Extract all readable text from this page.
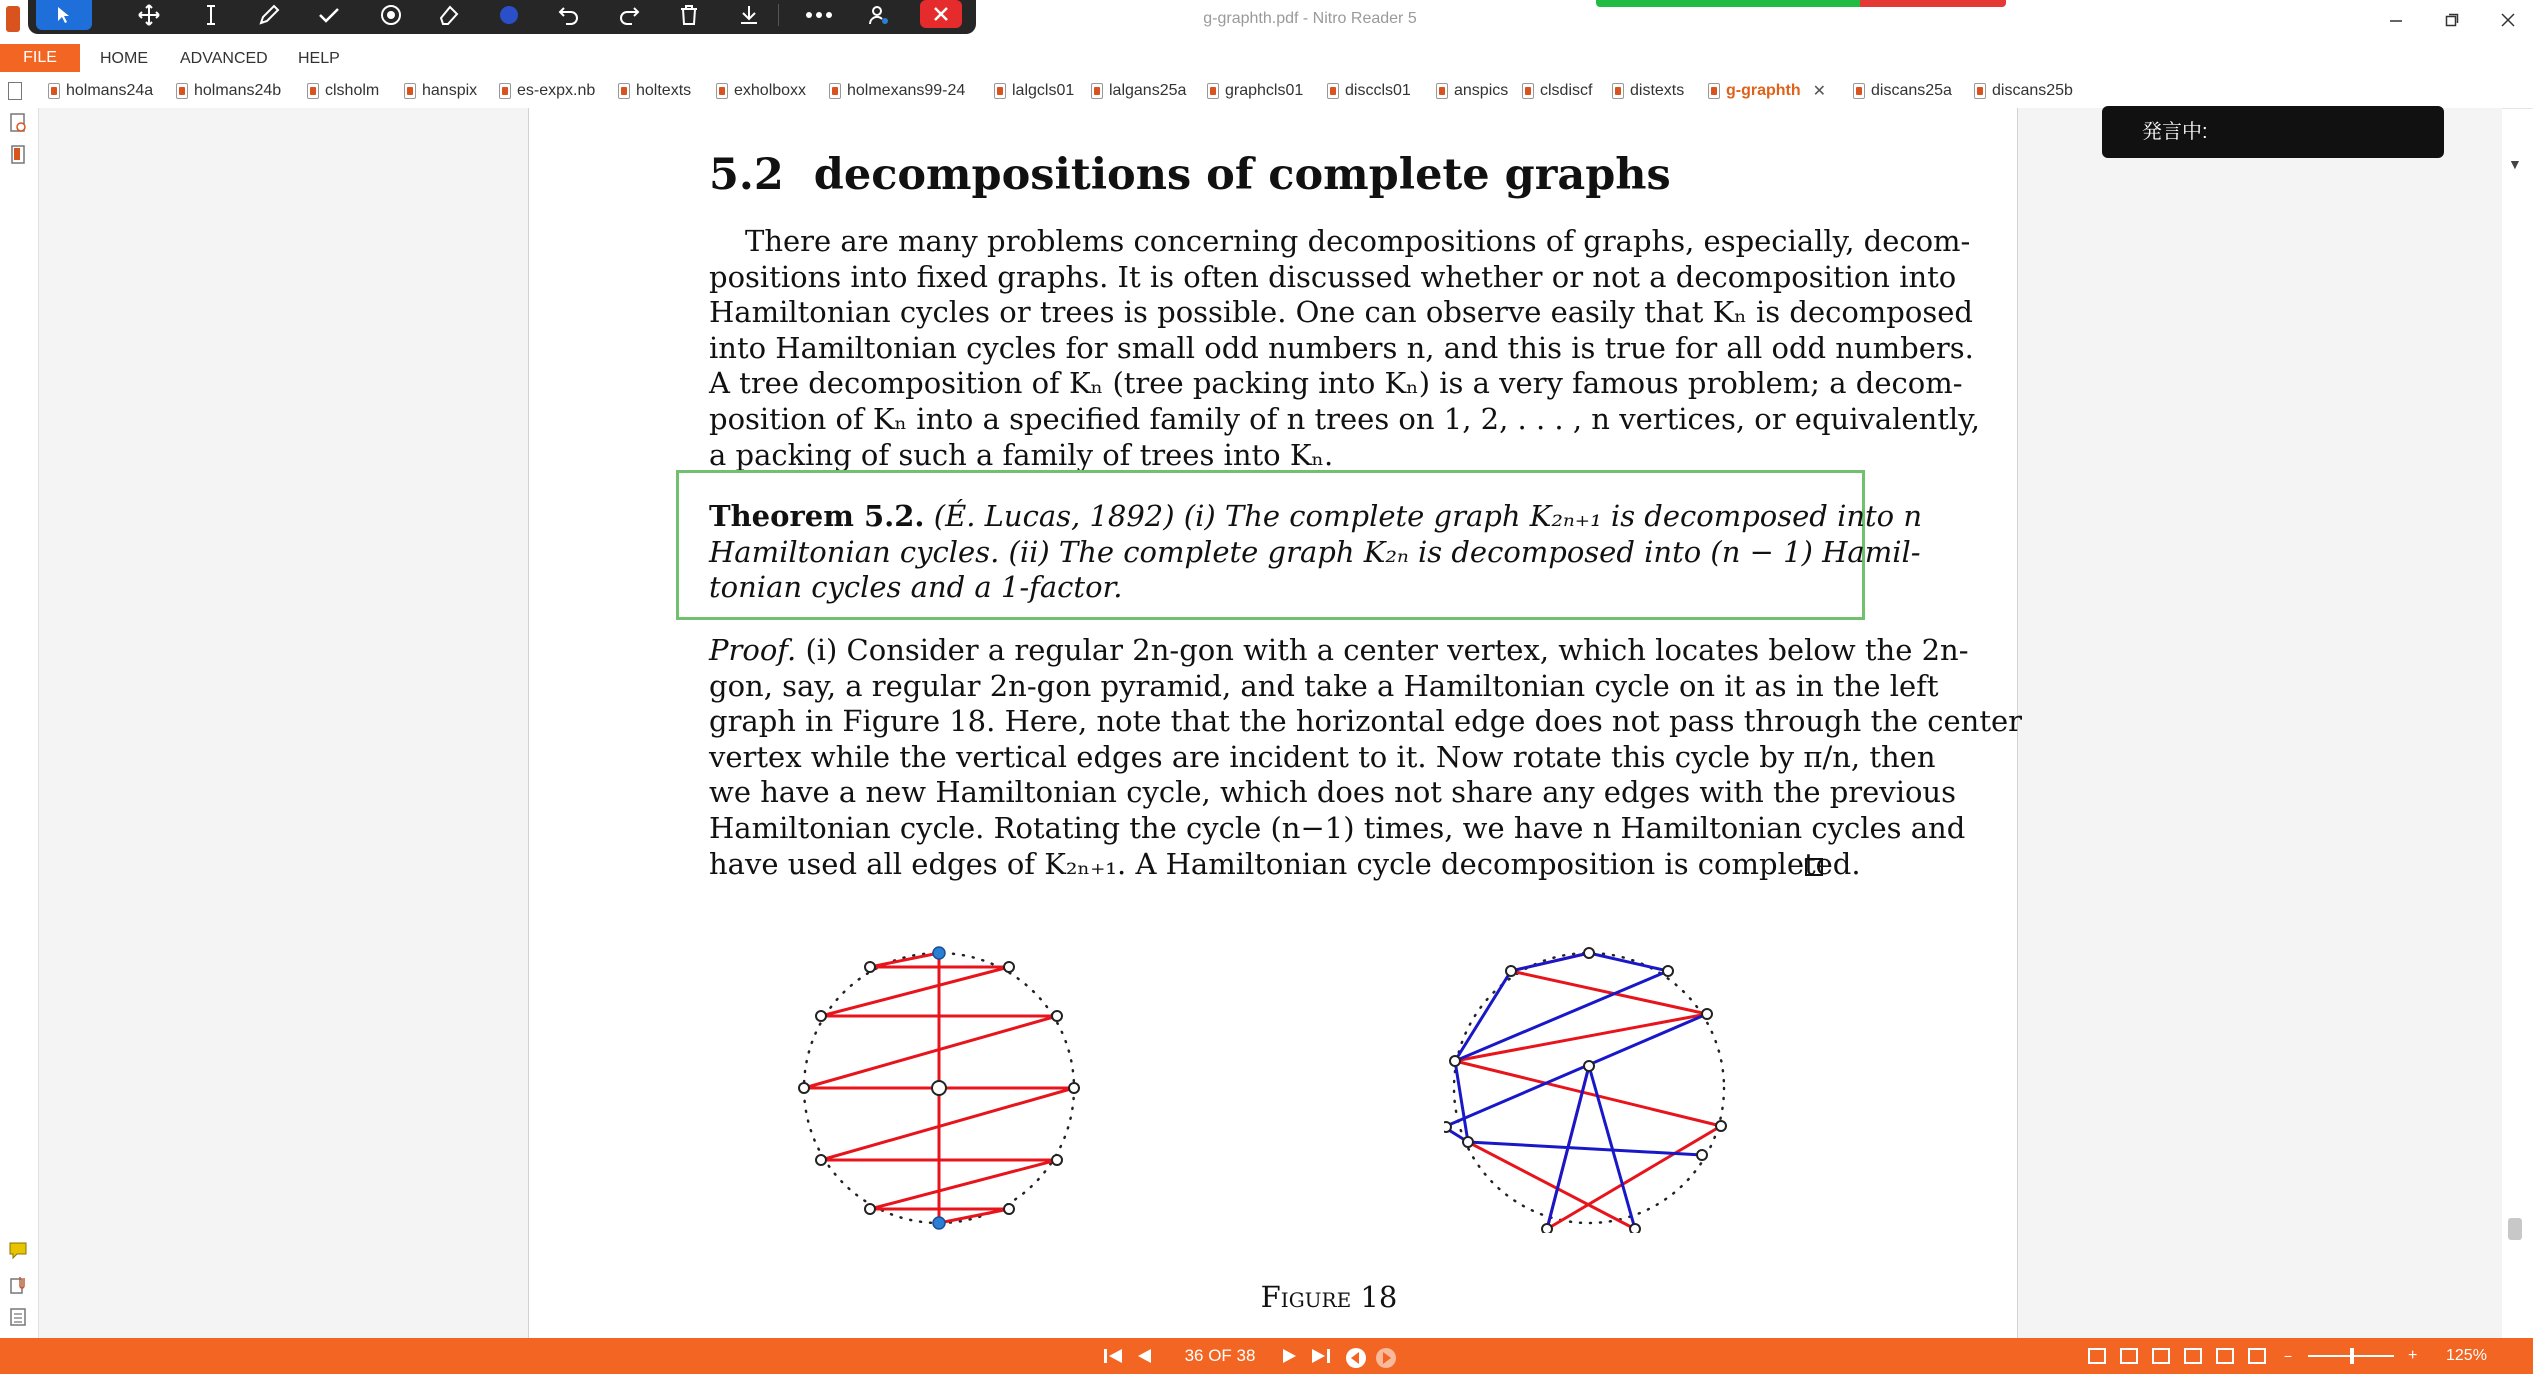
g-graphth.pdf - Nitro Reader 5
FILE	HOME ADVANCED HELP
holmans24a	holmans24b	clsholm	hanspix es-expx.nb	holtexts	exholboxx	holmexans99-24	lalgcls01 lalgans25a graphcls01	disccls01	anspics clsdiscf distexts	g-graphth ✕	discans25a	discans25b
▼
5.2 decompositions of complete graphs
There are many problems concerning decompositions of graphs, especially, decom-
positions into fixed graphs. It is often discussed whether or not a decomposition into
Hamiltonian cycles or trees is possible. One can observe easily that Kₙ is decomposed
into Hamiltonian cycles for small odd numbers n, and this is true for all odd numbers.
A tree decomposition of Kₙ (tree packing into Kₙ) is a very famous problem; a decom-
position of Kₙ into a specified family of n trees on 1, 2, . . . , n vertices, or equivalently,
a packing of such a family of trees into Kₙ.
Theorem 5.2. (É. Lucas, 1892) (i) The complete graph K₂ₙ₊₁ is decomposed into n
Hamiltonian cycles. (ii) The complete graph K₂ₙ is decomposed into (n − 1) Hamil-
tonian cycles and a 1-factor.
Proof. (i) Consider a regular 2n-gon with a center vertex, which locates below the 2n-
gon, say, a regular 2n-gon pyramid, and take a Hamiltonian cycle on it as in the left
graph in Figure 18. Here, note that the horizontal edge does not pass through the center
vertex while the vertical edges are incident to it. Now rotate this cycle by π/n, then
we have a new Hamiltonian cycle, which does not share any edges with the previous
Hamiltonian cycle. Rotating the cycle (n−1) times, we have n Hamiltonian cycles and
have used all edges of K₂ₙ₊₁. A Hamiltonian cycle decomposition is completed.
Figure 18
発言中:
36 OF 38	−	+ 125%
